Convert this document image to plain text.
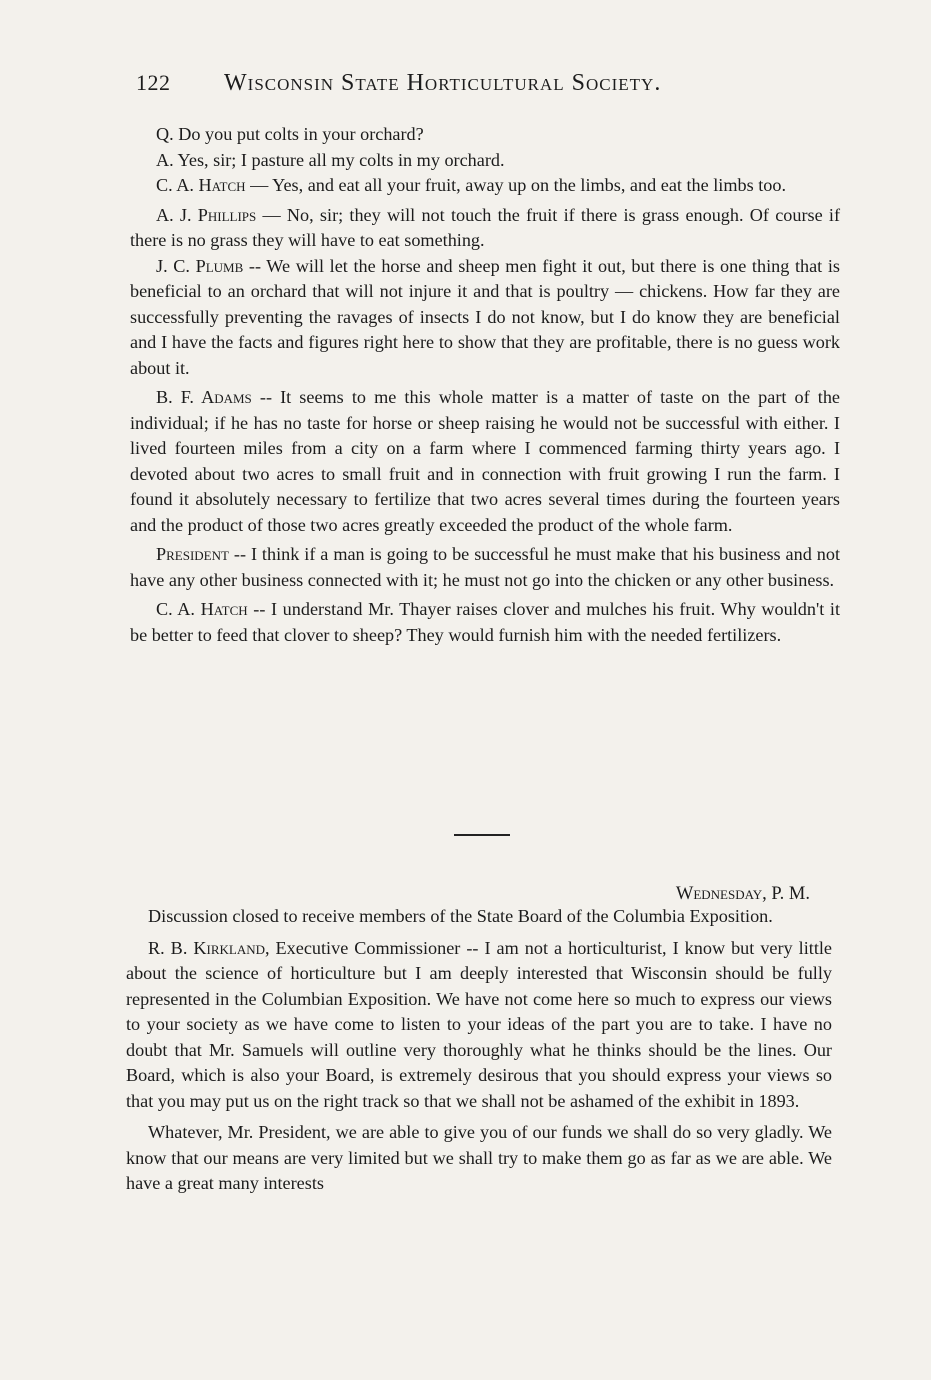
122	Wisconsin State Horticultural Society.

Q. Do you put colts in your orchard?

A. Yes, sir; I pasture all my colts in my orchard.

C. A. Hatch — Yes, and eat all your fruit, away up on the limbs, and eat the limbs too.

A. J. Phillips — No, sir; they will not touch the fruit if there is grass enough. Of course if there is no grass they will have to eat something.

J. C. Plumb -- We will let the horse and sheep men fight it out, but there is one thing that is beneficial to an orchard that will not injure it and that is poultry — chickens. How far they are successfully preventing the ravages of insects I do not know, but I do know they are beneficial and I have the facts and figures right here to show that they are profitable, there is no guess work about it.

B. F. Adams -- It seems to me this whole matter is a matter of taste on the part of the individual; if he has no taste for horse or sheep raising he would not be successful with either. I lived fourteen miles from a city on a farm where I commenced farming thirty years ago. I devoted about two acres to small fruit and in connection with fruit growing I run the farm. I found it absolutely necessary to fertilize that two acres several times during the fourteen years and the product of those two acres greatly exceeded the product of the whole farm.

President -- I think if a man is going to be successful he must make that his business and not have any other business connected with it; he must not go into the chicken or any other business.

C. A. Hatch -- I understand Mr. Thayer raises clover and mulches his fruit. Why wouldn't it be better to feed that clover to sheep? They would furnish him with the needed fertilizers.

Wednesday, P. M.

Discussion closed to receive members of the State Board of the Columbia Exposition.

R. B. Kirkland, Executive Commissioner -- I am not a horticulturist, I know but very little about the science of horticulture but I am deeply interested that Wisconsin should be fully represented in the Columbian Exposition. We have not come here so much to express our views to your society as we have come to listen to your ideas of the part you are to take. I have no doubt that Mr. Samuels will outline very thoroughly what he thinks should be the lines. Our Board, which is also your Board, is extremely desirous that you should express your views so that you may put us on the right track so that we shall not be ashamed of the exhibit in 1893.

Whatever, Mr. President, we are able to give you of our funds we shall do so very gladly. We know that our means are very limited but we shall try to make them go as far as we are able. We have a great many interests
